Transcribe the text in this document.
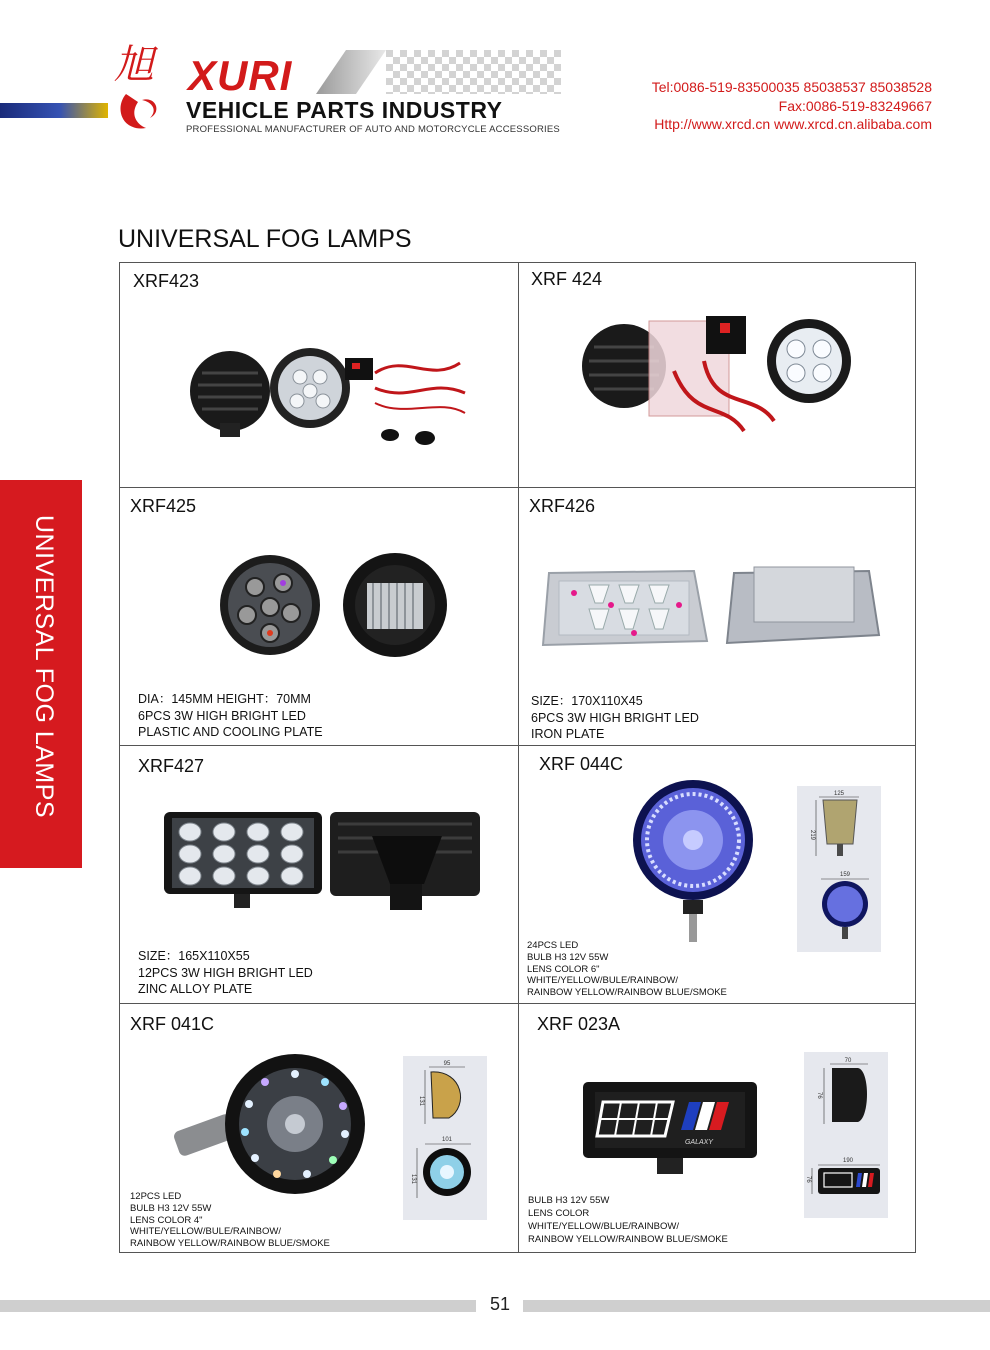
旭 XURI
VEHICLE PARTS INDUSTRY
PROFESSIONAL MANUFACTURER OF AUTO AND MOTORCYCLE ACCESSORIES
Tel:0086-519-83500035 85038537 85038528
Fax:0086-519-83249667
Http://www.xrcd.cn www.xrcd.cn.alibaba.com
UNIVERSAL FOG LAMPS
UNIVERSAL FOG LAMPS
XRF423	XRF 424
XRF425
DIA：145MM HEIGHT：70MM
6PCS 3W HIGH BRIGHT LED
PLASTIC AND COOLING PLATE
XRF426
SIZE：170X110X45
6PCS 3W HIGH BRIGHT LED
IRON PLATE
XRF427
SIZE：165X110X55
12PCS 3W HIGH BRIGHT LED
ZINC ALLOY PLATE
XRF 044C
125
219
159
24PCS LED
BULB H3 12V 55W
LENS COLOR 6"
WHITE/YELLOW/BULE/RAINBOW/
RAINBOW YELLOW/RAINBOW BLUE/SMOKE
XRF 041C
95
131
101
131
12PCS LED
BULB H3 12V 55W
LENS COLOR 4"
WHITE/YELLOW/BULE/RAINBOW/
RAINBOW YELLOW/RAINBOW BLUE/SMOKE
XRF 023A
GALAXY
70
76
190
76
BULB H3 12V 55W
LENS COLOR
WHITE/YELLOW/BLUE/RAINBOW/
RAINBOW YELLOW/RAINBOW BLUE/SMOKE
51
